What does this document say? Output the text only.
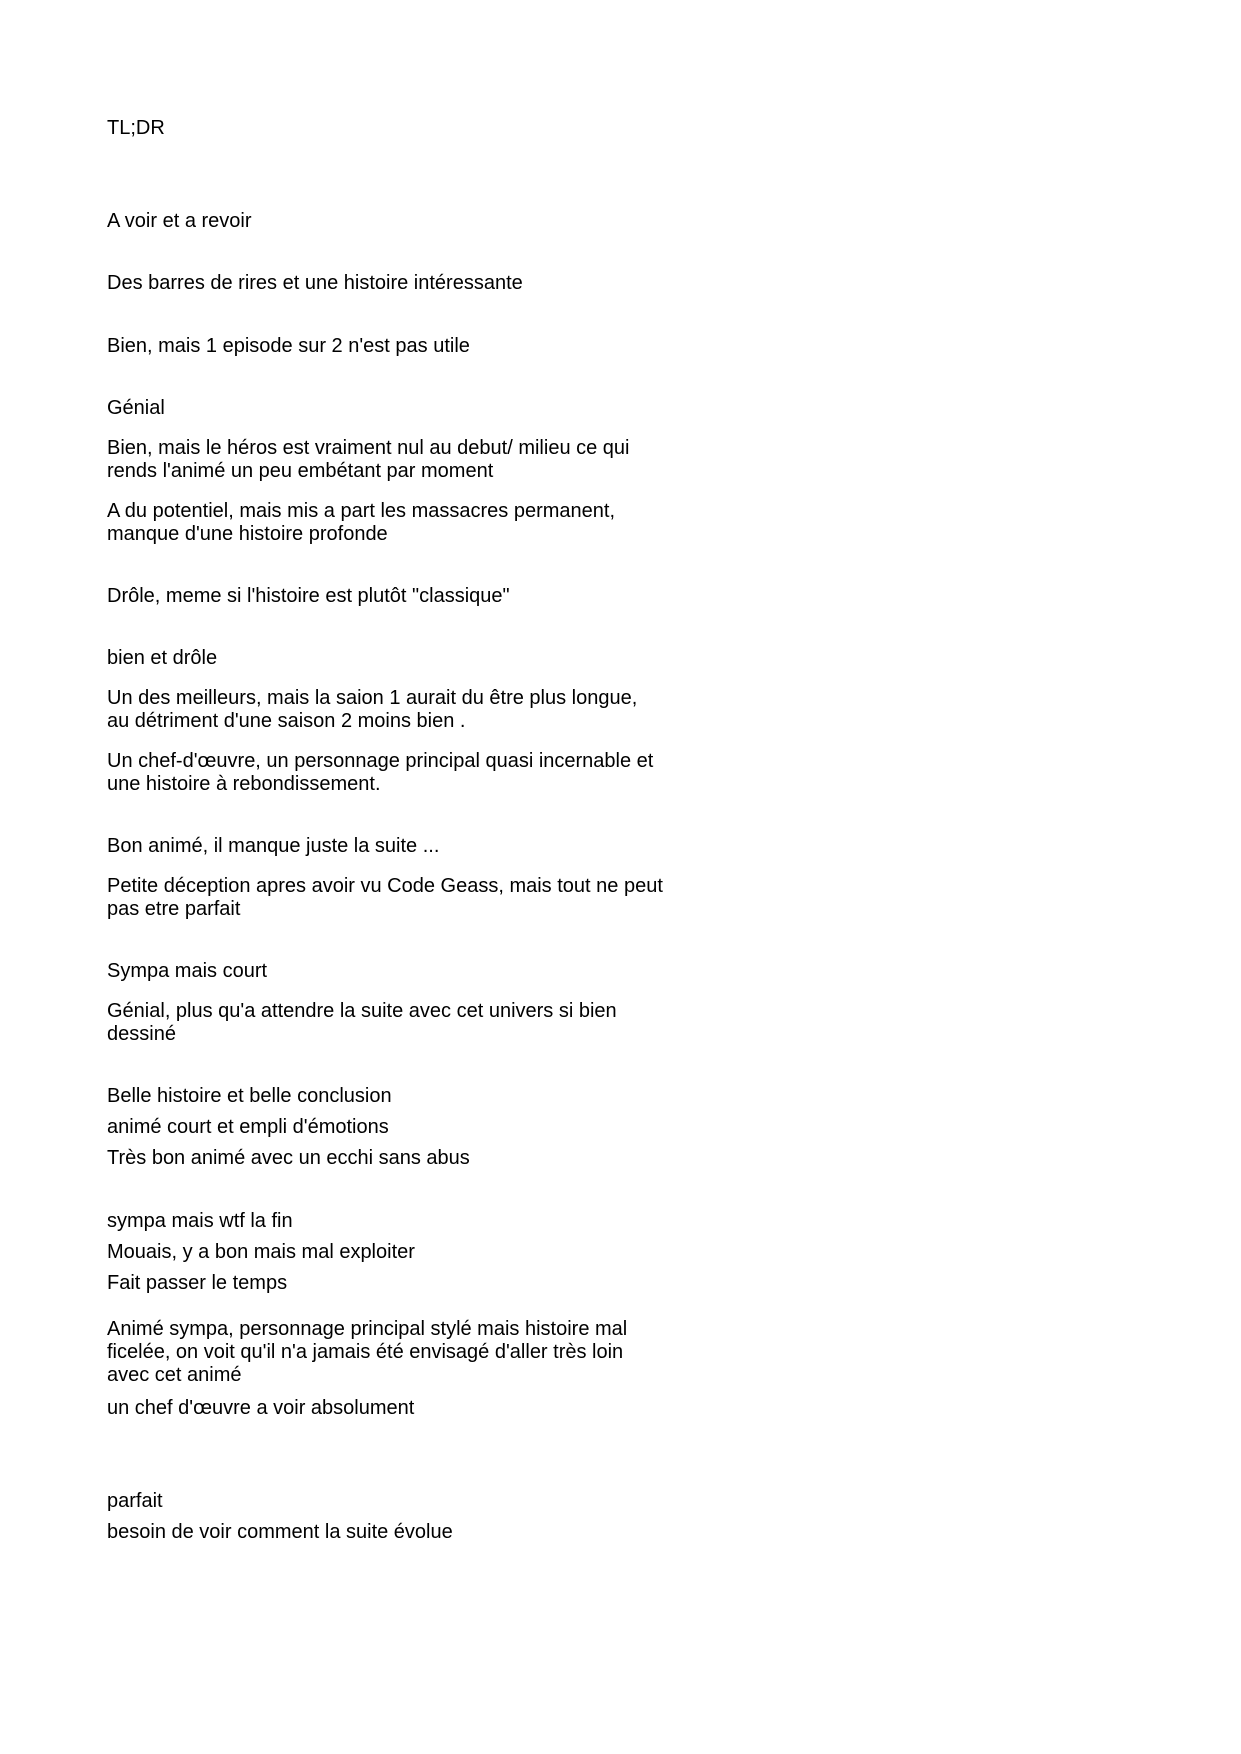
TL;DR

A voir et a revoir

Des barres de rires et une histoire intéressante

Bien, mais 1 episode sur 2 n'est pas utile

Génial

Bien, mais le héros est vraiment nul au debut/ milieu ce qui
rends l'animé un peu embétant par moment

A du potentiel, mais mis a part les massacres permanent,
manque d'une histoire profonde

Drôle, meme si l'histoire est plutôt "classique"

bien et drôle

Un des meilleurs, mais la saion 1 aurait du être plus longue,
au détriment d'une saison 2 moins bien .

Un chef-d'œuvre, un personnage principal quasi incernable et
une histoire à rebondissement.

Bon animé, il manque juste la suite ...

Petite déception apres avoir vu Code Geass, mais tout ne peut
pas etre parfait

Sympa mais court

Génial, plus qu'a attendre la suite avec cet univers si bien
dessiné

Belle histoire et belle conclusion

animé court et empli d'émotions

Très bon animé avec un ecchi sans abus

sympa mais wtf la fin

Mouais, y a bon mais mal exploiter

Fait passer le temps

Animé sympa, personnage principal stylé mais histoire mal
ficelée, on voit qu'il n'a jamais été envisagé d'aller très loin
avec cet animé

un chef d'œuvre a voir absolument

parfait

besoin de voir comment la suite évolue
